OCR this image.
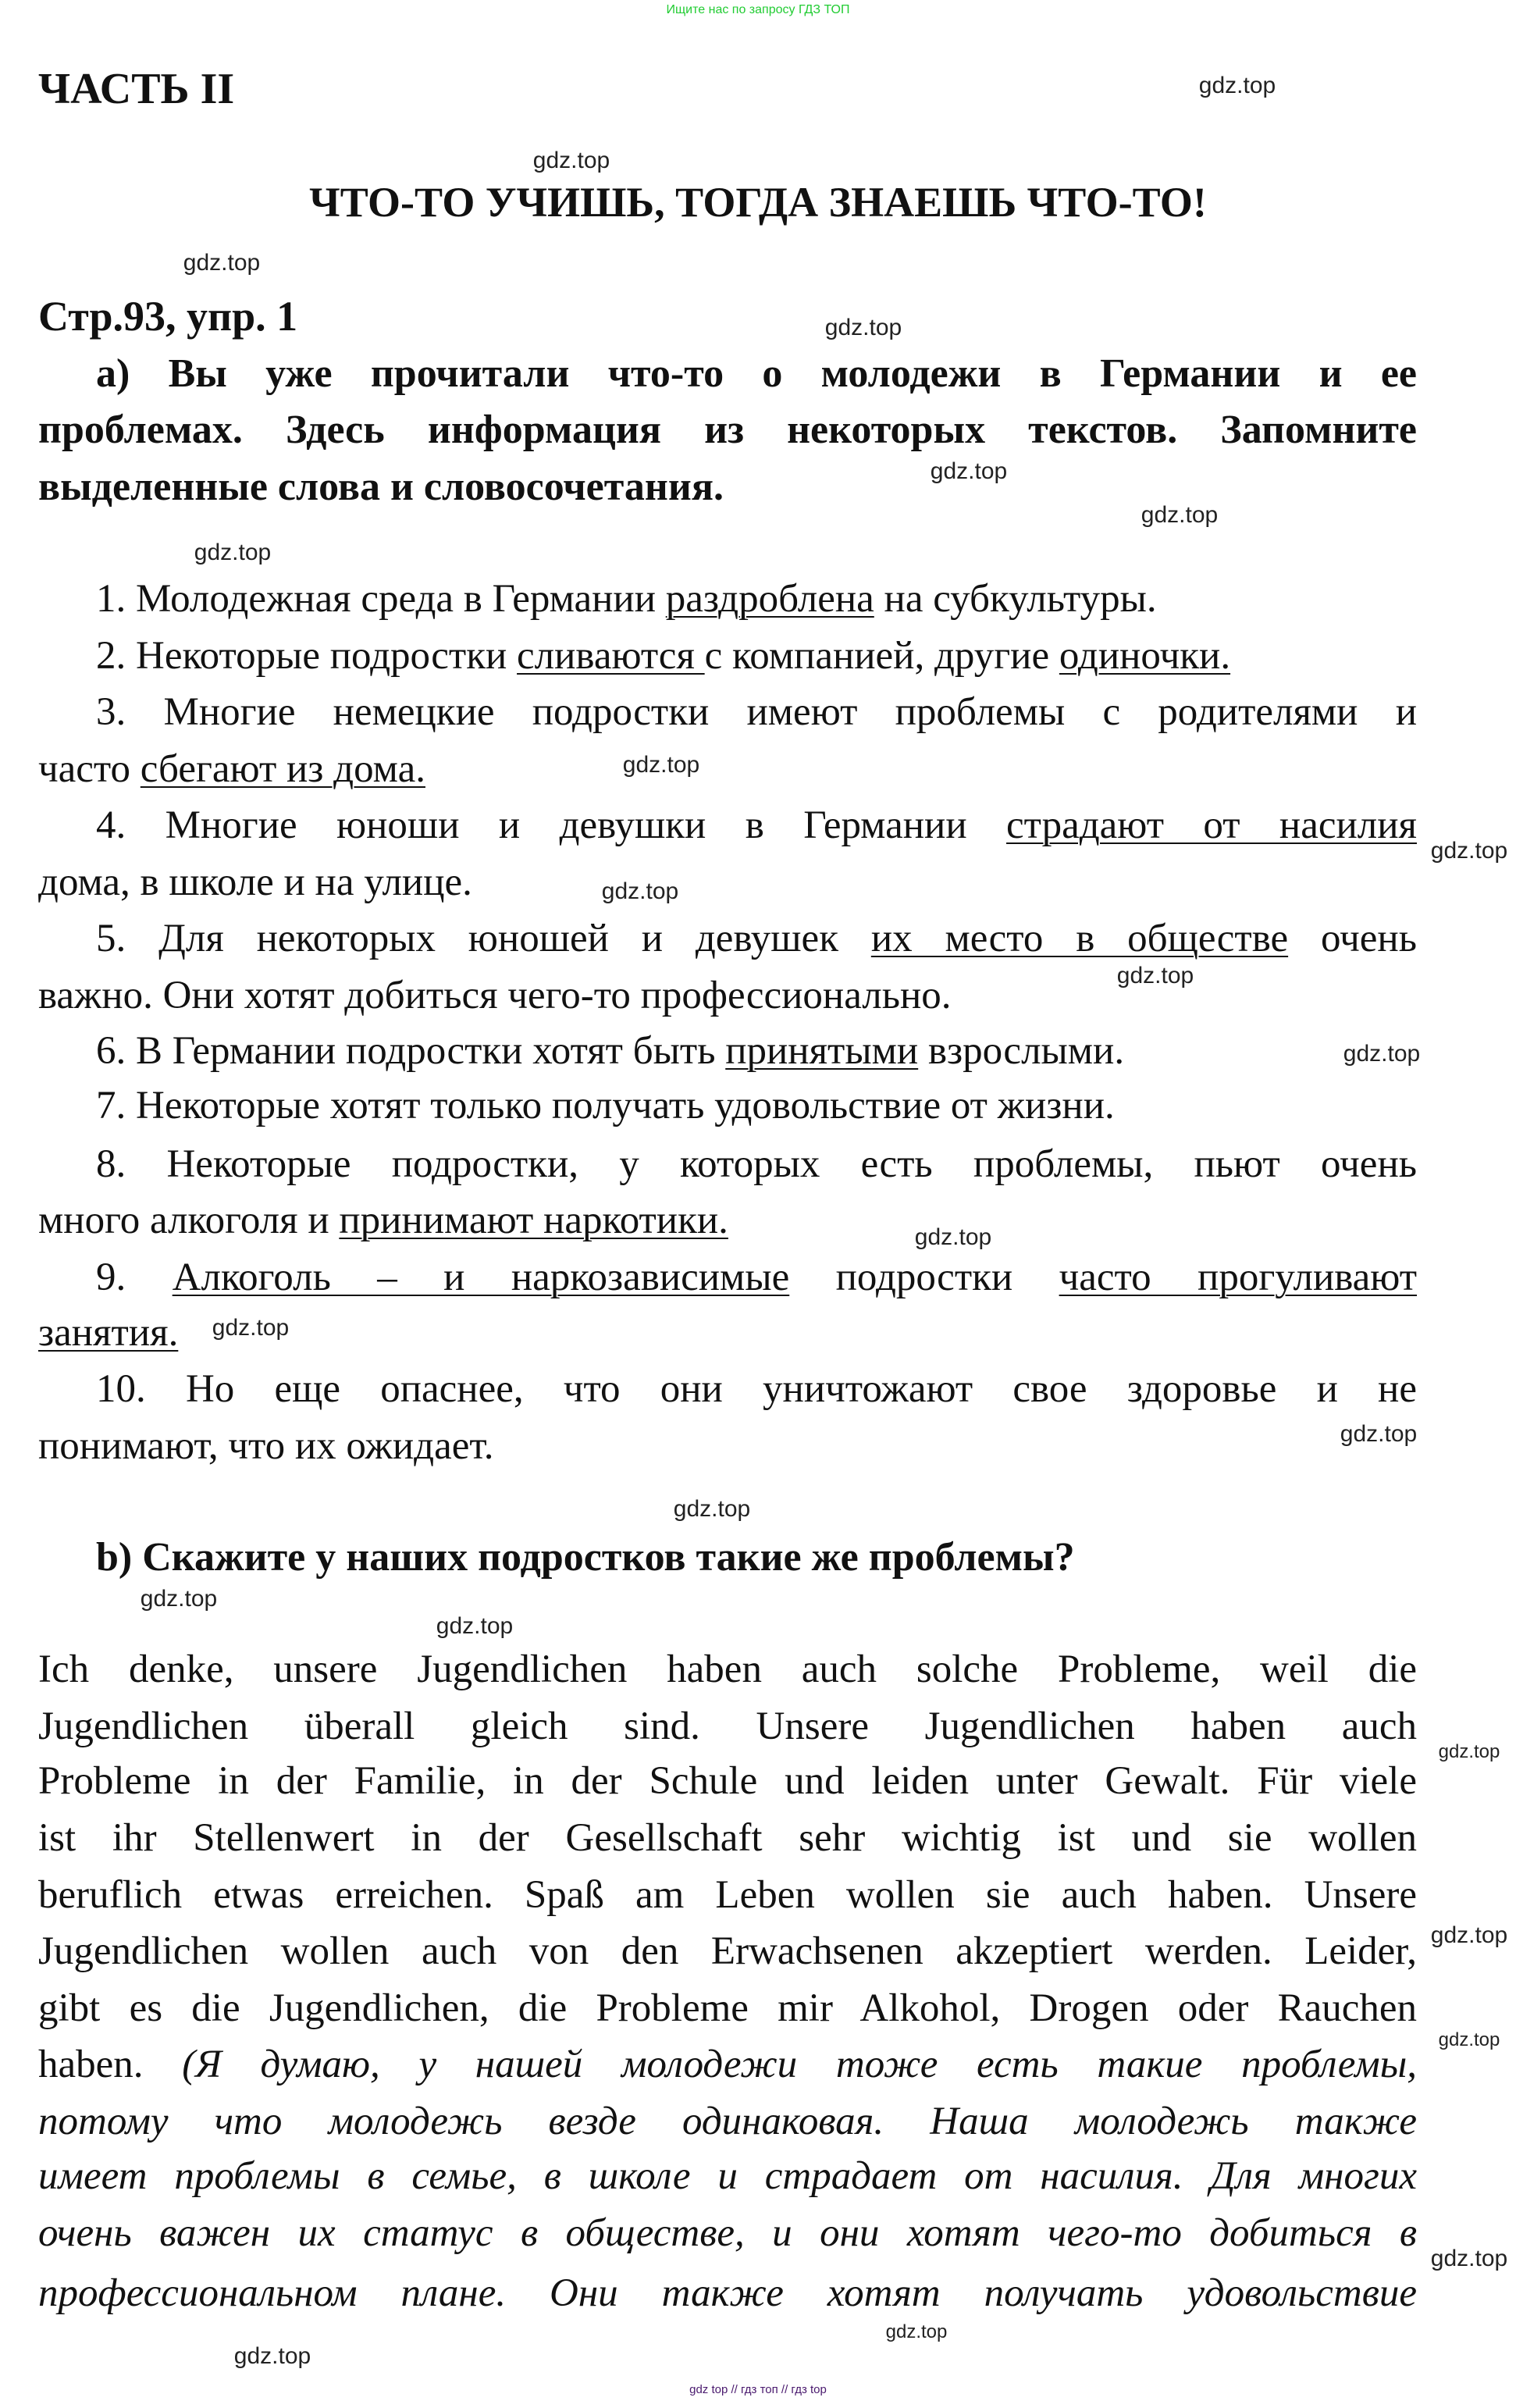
Ищите нас по запросу ГДЗ ТОП
ЧАСТЬ II
ЧТО-ТО УЧИШЬ, ТОГДА ЗНАЕШЬ ЧТО-ТО!
Стр.93, упр. 1
а) Вы уже прочитали что-то о молодежи в Германии и ее
проблемах. Здесь информация из некоторых текстов. Запомните
выделенные слова и словосочетания.
1. Молодежная среда в Германии раздроблена на субкультуры.
2. Некоторые подростки сливаются с компанией, другие одиночки.
3. Многие немецкие подростки имеют проблемы с родителями и
часто сбегают из дома.
4. Многие юноши и девушки в Германии страдают от насилия
дома, в школе и на улице.
5. Для некоторых юношей и девушек их место в обществе очень
важно. Они хотят добиться чего-то профессионально.
6. В Германии подростки хотят быть принятыми взрослыми.
7. Некоторые хотят только получать удовольствие от жизни.
8. Некоторые подростки, у которых есть проблемы, пьют очень
много алкоголя и принимают наркотики.
9. Алкоголь – и наркозависимые подростки часто прогуливают
занятия.
10. Но еще опаснее, что они уничтожают свое здоровье и не
понимают, что их ожидает.
b) Скажите у наших подростков такие же проблемы?
Ich denke, unsere Jugendlichen haben auch solche Probleme, weil die
Jugendlichen überall gleich sind. Unsere Jugendlichen haben auch
Probleme in der Familie, in der Schule und leiden unter Gewalt. Für viele
ist ihr Stellenwert in der Gesellschaft sehr wichtig ist und sie wollen
beruflich etwas erreichen. Spaß am Leben wollen sie auch haben. Unsere
Jugendlichen wollen auch von den Erwachsenen akzeptiert werden. Leider,
gibt es die Jugendlichen, die Probleme mir Alkohol, Drogen oder Rauchen
haben. (Я думаю, у нашей молодежи тоже есть такие проблемы,
потому что молодежь везде одинаковая. Наша молодежь также
имеет проблемы в семье, в школе и страдает от насилия. Для многих
очень важен их статус в обществе, и они хотят чего-то добиться в
профессиональном плане. Они также хотят получать удовольствие
gdz top // гдз топ // гдз top
gdz.top
gdz.top
gdz.top
gdz.top
gdz.top
gdz.top
gdz.top
gdz.top
gdz.top
gdz.top
gdz.top
gdz.top
gdz.top
gdz.top
gdz.top
gdz.top
gdz.top
gdz.top
gdz.top
gdz.top
gdz.top
gdz.top
gdz.top
gdz.top
